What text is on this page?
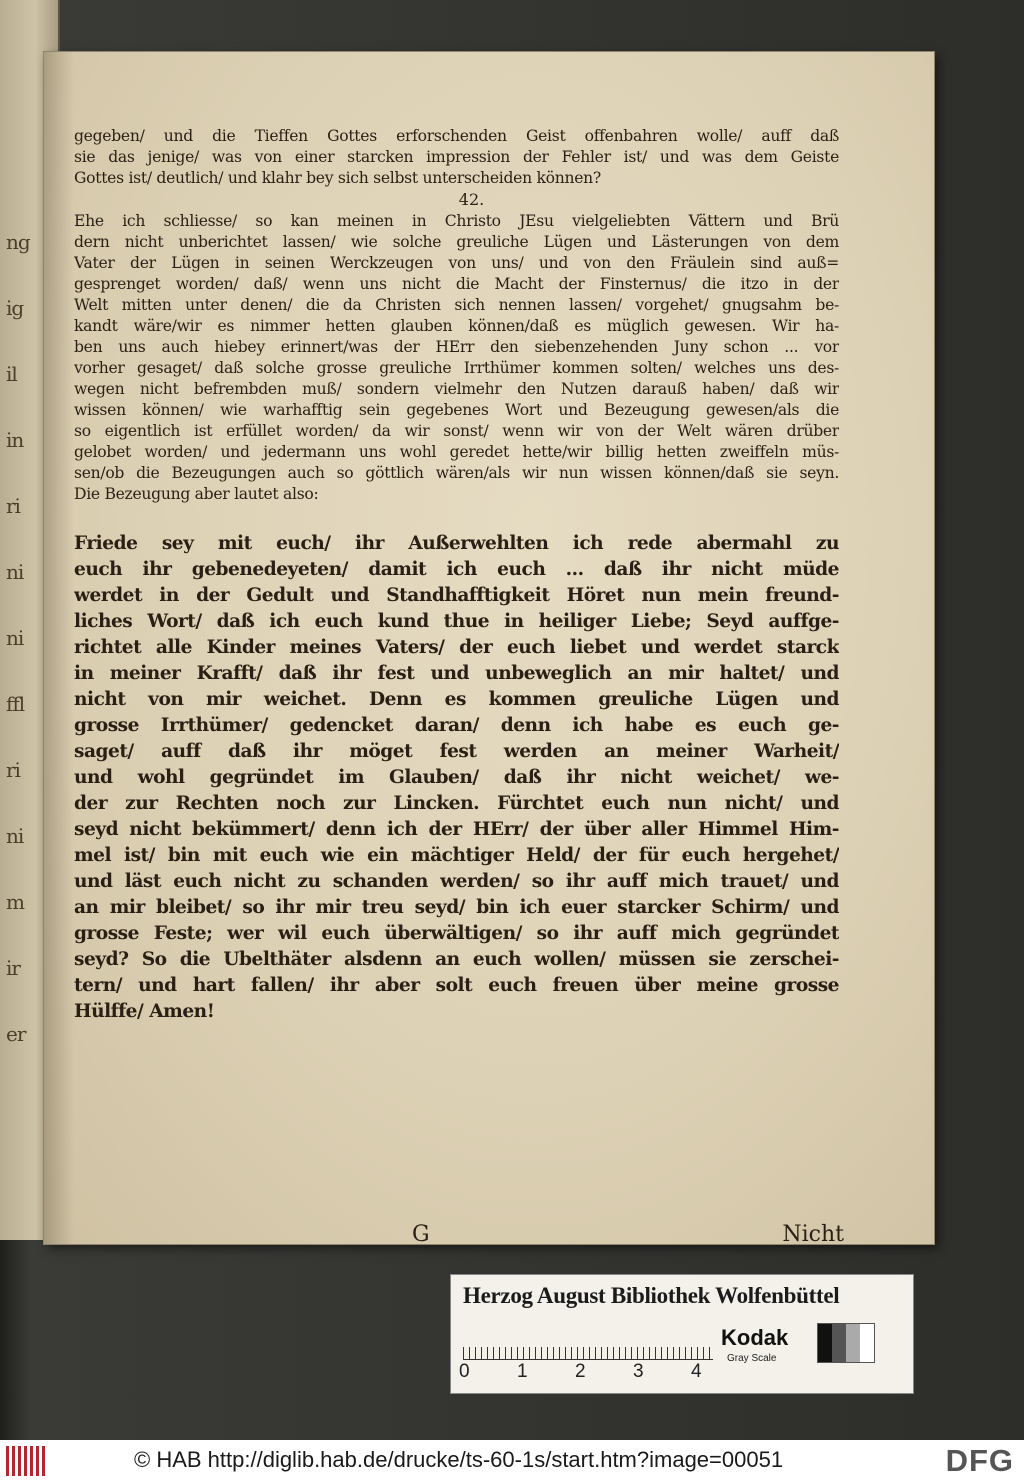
ng
ig
il
in
ri
ni
ni
ffl
ri
ni
m
ir
er
gegeben/ und die Tieffen Gottes erforschenden Geist offenbahren wolle/ auff daß
sie das jenige/ was von einer starcken impression der Fehler ist/ und was dem Geiste
Gottes ist/ deutlich/ und klahr bey sich selbst unterscheiden können?
42.
Ehe ich schliesse/ so kan meinen in Christo JEsu vielgeliebten Vättern und Brü
dern nicht unberichtet lassen/ wie solche greuliche Lügen und Lästerungen von dem
Vater der Lügen in seinen Werckzeugen von uns/ und von den Fräulein sind auß=
gesprenget worden/ daß/ wenn uns nicht die Macht der Finsternus/ die itzo in der
Welt mitten unter denen/ die da Christen sich nennen lassen/ vorgehet/ gnugsahm be-
kandt wäre/wir es nimmer hetten glauben können/daß es müglich gewesen. Wir ha-
ben uns auch hiebey erinnert/was der HErr den siebenzehenden Juny schon ... vor
vorher gesaget/ daß solche grosse greuliche Irrthümer kommen solten/ welches uns des-
wegen nicht befrembden muß/ sondern vielmehr den Nutzen darauß haben/ daß wir
wissen können/ wie warhafftig sein gegebenes Wort und Bezeugung gewesen/als die
so eigentlich ist erfüllet worden/ da wir sonst/ wenn wir von der Welt wären drüber
gelobet worden/ und jedermann uns wohl geredet hette/wir billig hetten zweiffeln müs-
sen/ob die Bezeugungen auch so göttlich wären/als wir nun wissen können/daß sie seyn.
Die Bezeugung aber lautet also:
Friede sey mit euch/ ihr Außerwehlten ich rede abermahl zu
euch ihr gebenedeyeten/ damit ich euch ... daß ihr nicht müde
werdet in der Gedult und Standhafftigkeit Höret nun mein freund-
liches Wort/ daß ich euch kund thue in heiliger Liebe; Seyd auffge-
richtet alle Kinder meines Vaters/ der euch liebet und werdet starck
in meiner Krafft/ daß ihr fest und unbeweglich an mir haltet/ und
nicht von mir weichet. Denn es kommen greuliche Lügen und
grosse Irrthümer/ gedencket daran/ denn ich habe es euch ge-
saget/ auff daß ihr möget fest werden an meiner Warheit/
und wohl gegründet im Glauben/ daß ihr nicht weichet/ we-
der zur Rechten noch zur Lincken. Fürchtet euch nun nicht/ und
seyd nicht bekümmert/ denn ich der HErr/ der über aller Himmel Him-
mel ist/ bin mit euch wie ein mächtiger Held/ der für euch hergehet/
und läst euch nicht zu schanden werden/ so ihr auff mich trauet/ und
an mir bleibet/ so ihr mir treu seyd/ bin ich euer starcker Schirm/ und
grosse Feste; wer wil euch überwältigen/ so ihr auff mich gegründet
seyd? So die Ubelthäter alsdenn an euch wollen/ müssen sie zerschei-
tern/ und hart fallen/ ihr aber solt euch freuen über meine grosse
Hülffe/ Amen!
G	Nicht
Herzog August Bibliothek Wolfenbüttel
0 1 2 3 4
Kodak
Gray Scale
© HAB http://diglib.hab.de/drucke/ts-60-1s/start.htm?image=00051	DFG
